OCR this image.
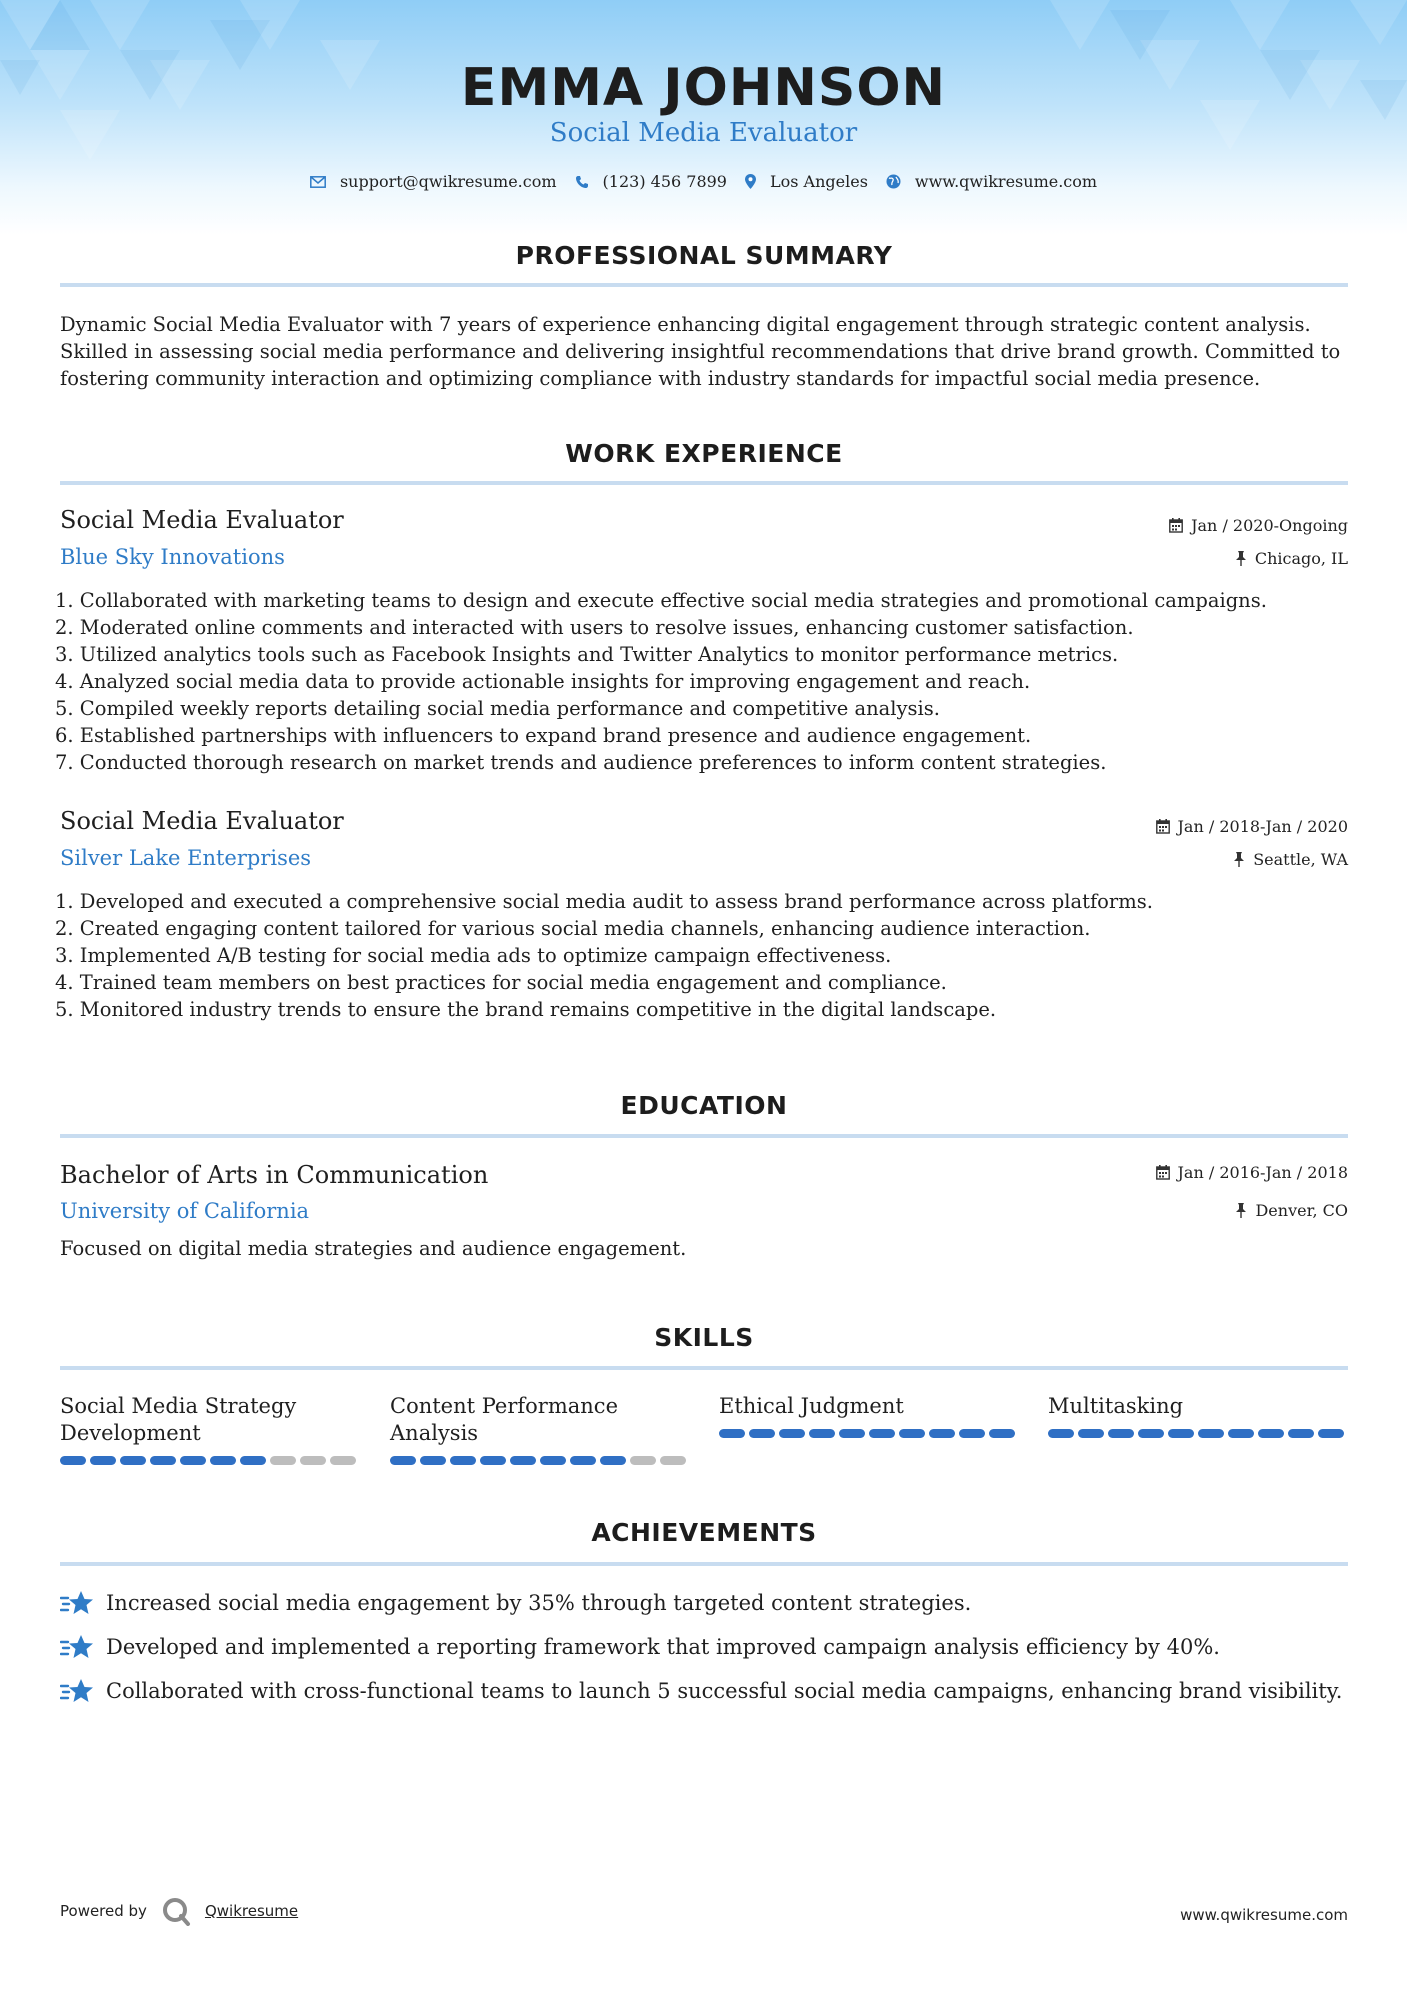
EMMA JOHNSON
Social Media Evaluator
support@qwikresume.com	(123) 456 7899	Los Angeles	www.qwikresume.com
PROFESSIONAL SUMMARY
Dynamic Social Media Evaluator with 7 years of experience enhancing digital engagement through strategic content analysis. Skilled in assessing social media performance and delivering insightful recommendations that drive brand growth. Committed to fostering community interaction and optimizing compliance with industry standards for impactful social media presence.
WORK EXPERIENCE
Social Media Evaluator
Blue Sky Innovations
Jan / 2020-Ongoing
Chicago, IL
1. Collaborated with marketing teams to design and execute effective social media strategies and promotional campaigns.
2. Moderated online comments and interacted with users to resolve issues, enhancing customer satisfaction.
3. Utilized analytics tools such as Facebook Insights and Twitter Analytics to monitor performance metrics.
4. Analyzed social media data to provide actionable insights for improving engagement and reach.
5. Compiled weekly reports detailing social media performance and competitive analysis.
6. Established partnerships with influencers to expand brand presence and audience engagement.
7. Conducted thorough research on market trends and audience preferences to inform content strategies.
Social Media Evaluator
Silver Lake Enterprises
Jan / 2018-Jan / 2020
Seattle, WA
1. Developed and executed a comprehensive social media audit to assess brand performance across platforms.
2. Created engaging content tailored for various social media channels, enhancing audience interaction.
3. Implemented A/B testing for social media ads to optimize campaign effectiveness.
4. Trained team members on best practices for social media engagement and compliance.
5. Monitored industry trends to ensure the brand remains competitive in the digital landscape.
EDUCATION
Bachelor of Arts in Communication
University of California
Jan / 2016-Jan / 2018
Denver, CO
Focused on digital media strategies and audience engagement.
SKILLS
Social Media Strategy
Development
Content Performance
Analysis
Ethical Judgment	Multitasking
ACHIEVEMENTS
Increased social media engagement by 35% through targeted content strategies.
Developed and implemented a reporting framework that improved campaign analysis efficiency by 40%.
Collaborated with cross-functional teams to launch 5 successful social media campaigns, enhancing brand visibility.
Powered by	Qwikresume	www.qwikresume.com
